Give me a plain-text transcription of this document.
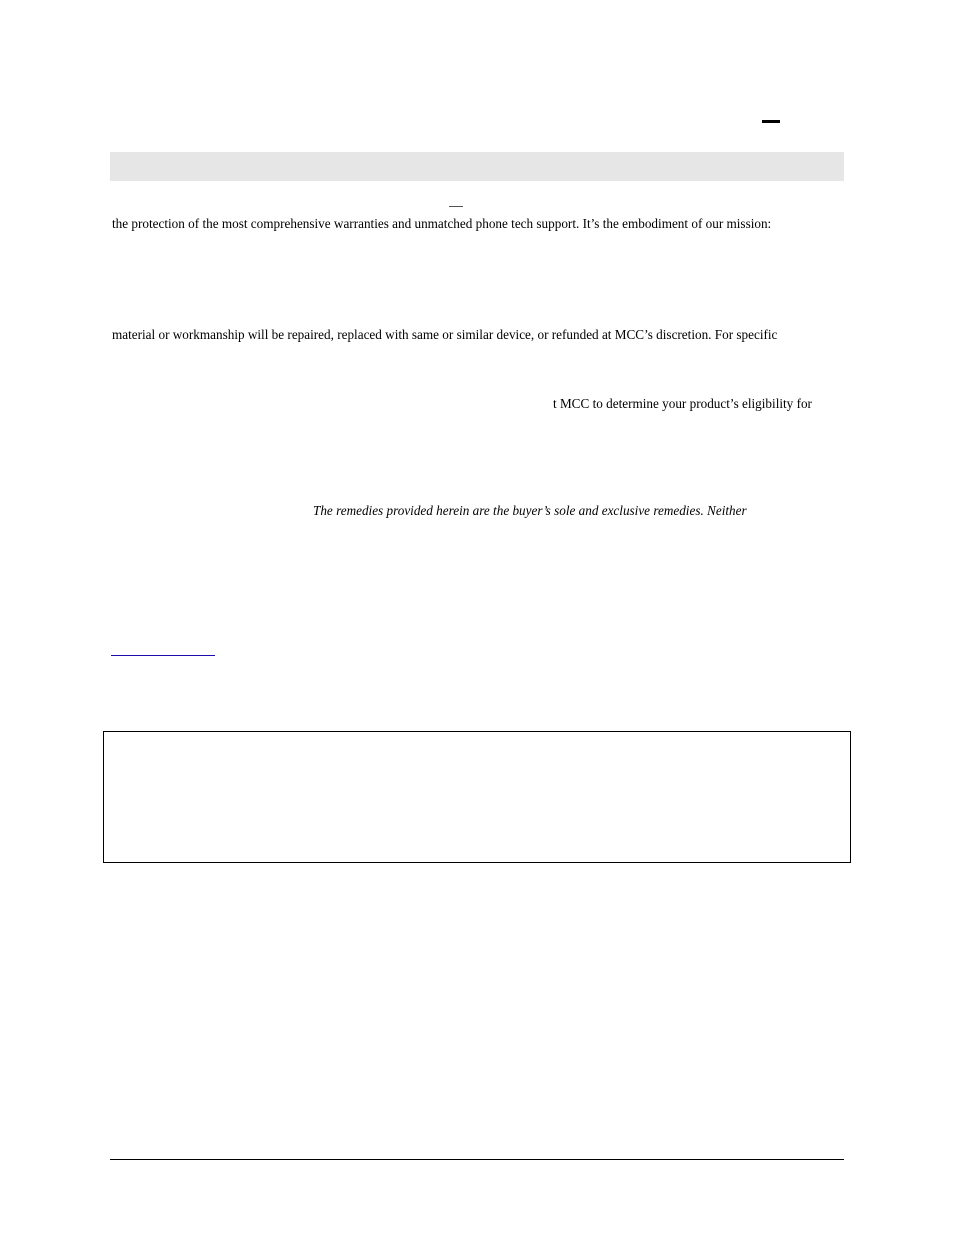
the protection of the most comprehensive warranties and unmatched phone tech support. It’s the embodiment of our mission:
material or workmanship will be repaired, replaced with same or similar device, or refunded at MCC’s discretion. For specific
t MCC to determine your product’s eligibility for
The remedies provided herein are the buyer’s sole and exclusive remedies. Neither
